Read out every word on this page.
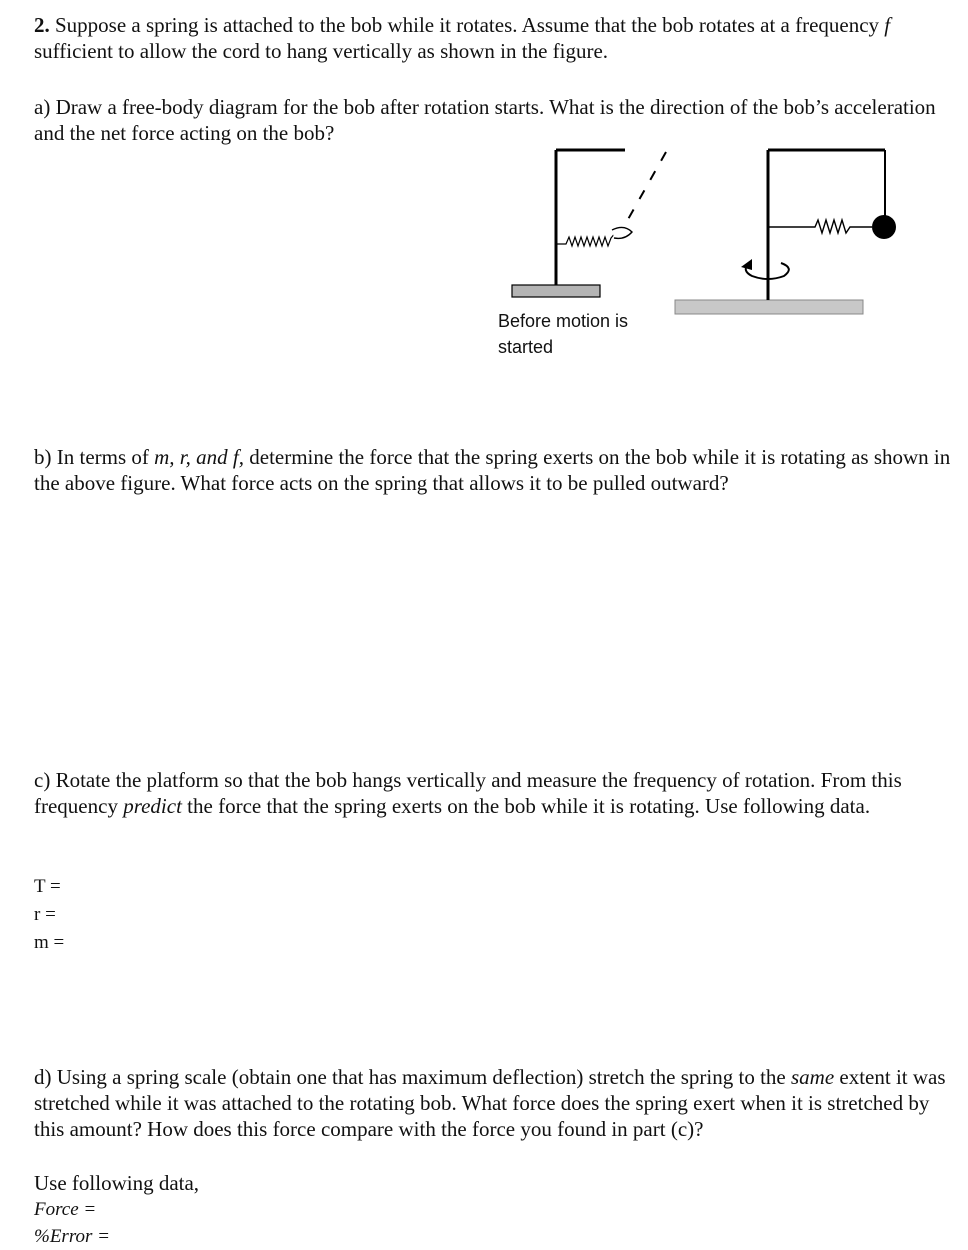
2. Suppose a spring is attached to the bob while it rotates. Assume that the bob rotates at a frequency f sufficient to allow the cord to hang vertically as shown in the figure.

a) Draw a free-body diagram for the bob after rotation starts. What is the direction of the bob’s acceleration and the net force acting on the bob?

Before motion is
started

b) In terms of m, r, and f, determine the force that the spring exerts on the bob while it is rotating as shown in the above figure. What force acts on the spring that allows it to be pulled outward?

c) Rotate the platform so that the bob hangs vertically and measure the frequency of rotation. From this frequency predict the force that the spring exerts on the bob while it is rotating. Use following data.

T =
r =
m =

d) Using a spring scale (obtain one that has maximum deflection) stretch the spring to the same extent it was stretched while it was attached to the rotating bob. What force does the spring exert when it is stretched by this amount? How does this force compare with the force you found in part (c)?

Use following data,
Force =
%Error =
